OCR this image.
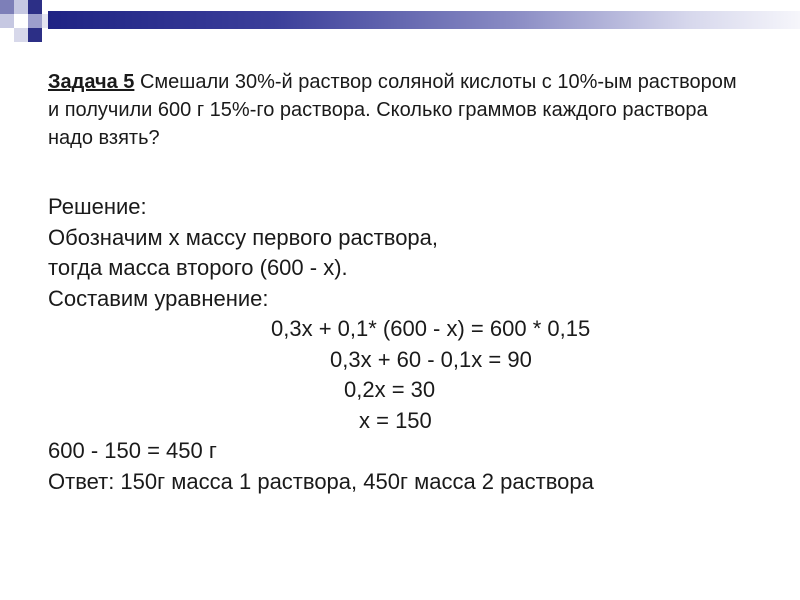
Задача 5 Смешали 30%-й раствор соляной кислоты с 10%-ым раствором и получили 600 г 15%-го раствора. Сколько граммов каждого раствора надо взять?

Решение:
Обозначим х массу первого раствора,
тогда масса второго (600 - х).
Составим уравнение:
0,3х + 0,1* (600 - х) = 600 * 0,15
0,3х + 60 - 0,1х = 90
0,2х = 30
х = 150
600 - 150 = 450 г
Ответ: 150г масса 1 раствора, 450г масса 2 раствора
